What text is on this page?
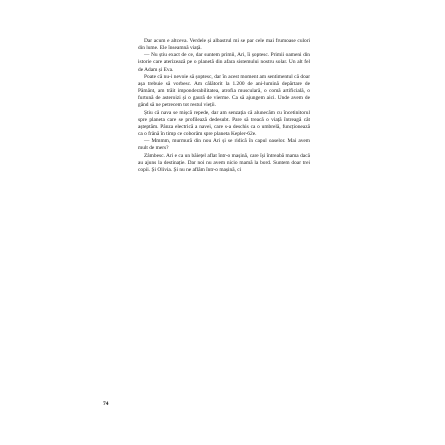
Dar acum e altceva. Verdele și albastrul mi se par cele mai frumoase culori din lume. Ele înseamnă viață.

— Nu știu exact de ce, dar suntem primii, Ari, îi șoptesc. Primii oameni din istorie care aterizează pe o planetă din afara sistemului nostru solar. Un alt fel de Adam și Eva.

Poate că nu-i nevoie să șoptesc, dar în acest moment am sentimentul că doar așa trebuie să vorbesc. Am călătorit la 1.200 de ani-lumină depărtare de Pământ, am trăit imponderabilitatea, atrofia musculară, o comă artificială, o furtună de asteroizi și o gaură de vierme. Ca să ajungem aici. Unde avem de gând să ne petrecem tot restul vieții.

Știu că nava se mișcă repede, dar am senzația că alunecăm cu încetinitorul spre planeta care se profilează dedesubt. Pare să treacă o viață întreagă cât așteptăm. Pânza electrică a navei, care s-a deschis ca o umbrelă, funcționează ca o frână în timp ce coborâm spre planeta Kepler-62e.

— Mmmm, murmură din nou Ari și se ridică în capul oaselor. Mai avem mult de mers?

Zâmbesc. Ari e ca un băiețel aflat într-o mașină, care își întreabă mama dacă au ajuns la destinație. Dar noi nu avem nicio mamă la bord. Suntem doar trei copii. Și Olivia. Și nu ne aflăm într-o mașină, ci

74
